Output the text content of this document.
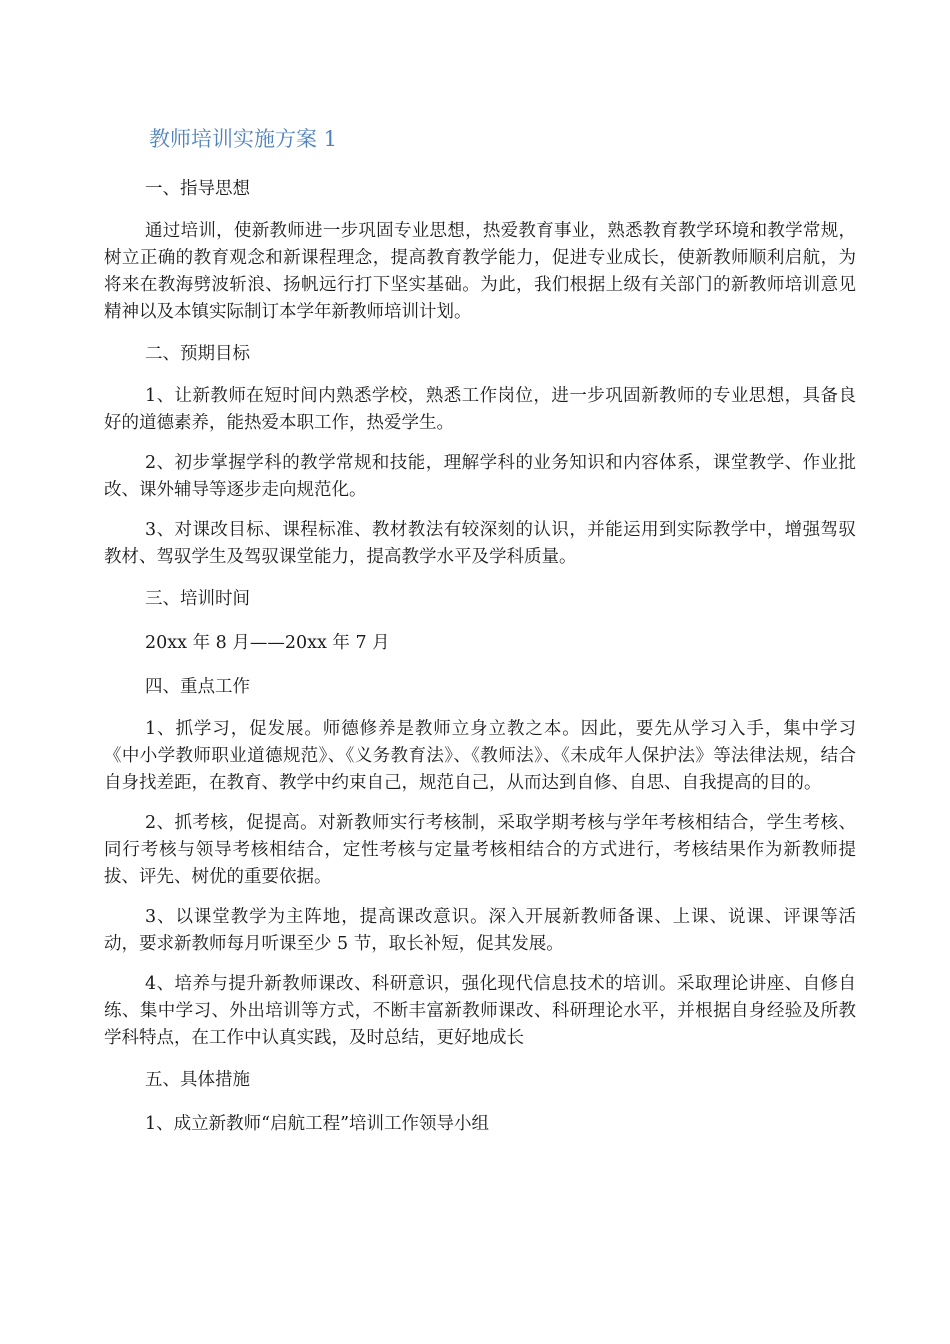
教师培训实施方案 1

一、指导思想

通过培训，使新教师进一步巩固专业思想，热爱教育事业，熟悉教育教学环境和教学常规，树立正确的教育观念和新课程理念，提高教育教学能力，促进专业成长，使新教师顺利启航，为将来在教海劈波斩浪、扬帆远行打下坚实基础。为此，我们根据上级有关部门的新教师培训意见精神以及本镇实际制订本学年新教师培训计划。

二、预期目标

1、让新教师在短时间内熟悉学校，熟悉工作岗位，进一步巩固新教师的专业思想，具备良好的道德素养，能热爱本职工作，热爱学生。

2、初步掌握学科的教学常规和技能，理解学科的业务知识和内容体系，课堂教学、作业批改、课外辅导等逐步走向规范化。

3、对课改目标、课程标准、教材教法有较深刻的认识，并能运用到实际教学中，增强驾驭教材、驾驭学生及驾驭课堂能力，提高教学水平及学科质量。

三、培训时间

20xx 年 8 月——20xx 年 7 月

四、重点工作

1、抓学习，促发展。师德修养是教师立身立教之本。因此，要先从学习入手，集中学习《中小学教师职业道德规范》、《义务教育法》、《教师法》、《未成年人保护法》等法律法规，结合自身找差距，在教育、教学中约束自己，规范自己，从而达到自修、自思、自我提高的目的。

2、抓考核，促提高。对新教师实行考核制，采取学期考核与学年考核相结合，学生考核、同行考核与领导考核相结合，定性考核与定量考核相结合的方式进行，考核结果作为新教师提拔、评先、树优的重要依据。

3、以课堂教学为主阵地，提高课改意识。深入开展新教师备课、上课、说课、评课等活动，要求新教师每月听课至少 5 节，取长补短，促其发展。

4、培养与提升新教师课改、科研意识，强化现代信息技术的培训。采取理论讲座、自修自练、集中学习、外出培训等方式，不断丰富新教师课改、科研理论水平，并根据自身经验及所教学科特点，在工作中认真实践，及时总结，更好地成长

五、具体措施

1、成立新教师“启航工程”培训工作领导小组
